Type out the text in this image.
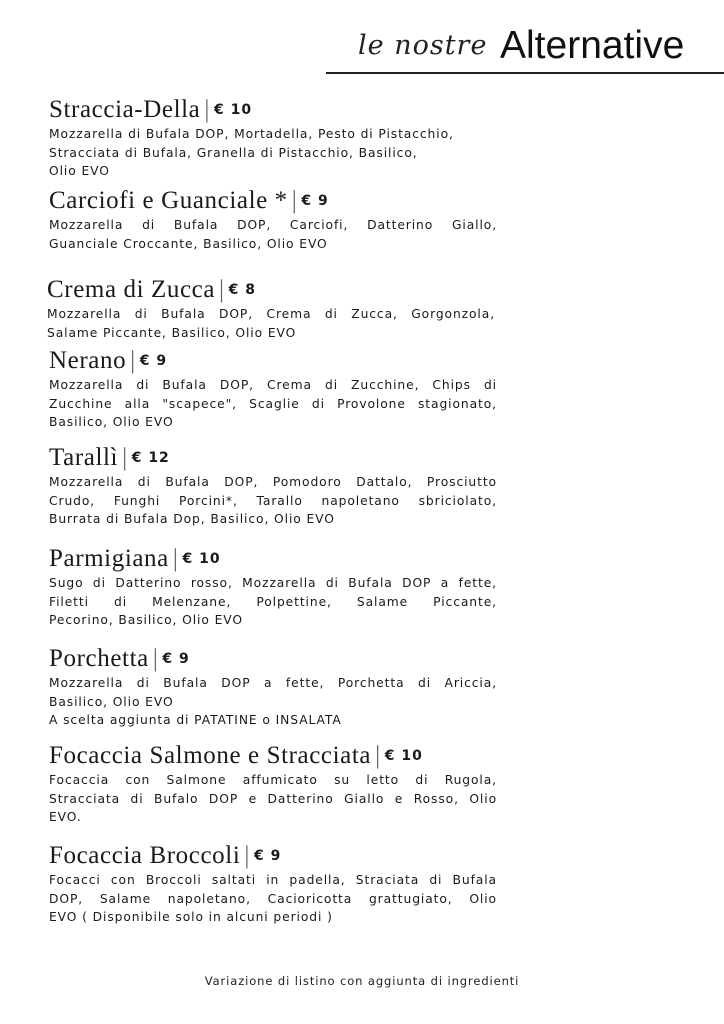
le nostre Alternative
Straccia-Della | € 10
Mozzarella di Bufala DOP, Mortadella, Pesto di Pistacchio,
Stracciata di Bufala, Granella di Pistacchio, Basilico,
Olio EVO
Carciofi e Guanciale * | € 9
Mozzarella di Bufala DOP, Carciofi, Datterino Giallo,
Guanciale Croccante, Basilico, Olio EVO
Crema di Zucca | € 8
Mozzarella di Bufala DOP, Crema di Zucca, Gorgonzola,
Salame Piccante, Basilico, Olio EVO
Nerano | € 9
Mozzarella di Bufala DOP, Crema di Zucchine, Chips di
Zucchine alla "scapece", Scaglie di Provolone stagionato,
Basilico, Olio EVO
Tarallì | € 12
Mozzarella di Bufala DOP, Pomodoro Dattalo, Prosciutto
Crudo, Funghi Porcini*, Tarallo napoletano sbriciolato,
Burrata di Bufala Dop, Basilico, Olio EVO
Parmigiana | € 10
Sugo di Datterino rosso, Mozzarella di Bufala DOP a fette,
Filetti di Melenzane, Polpettine, Salame Piccante,
Pecorino, Basilico, Olio EVO
Porchetta | € 9
Mozzarella di Bufala DOP a fette, Porchetta di Ariccia,
Basilico, Olio EVO
A scelta aggiunta di PATATINE o INSALATA
Focaccia Salmone e Stracciata | € 10
Focaccia con Salmone affumicato su letto di Rugola,
Stracciata di Bufalo DOP e Datterino Giallo e Rosso, Olio
EVO.
Focaccia Broccoli | € 9
Focacci con Broccoli saltati in padella, Straciata di Bufala
DOP, Salame napoletano, Cacioricotta grattugiato, Olio
EVO ( Disponibile solo in alcuni periodi )
Variazione di listino con aggiunta di ingredienti
